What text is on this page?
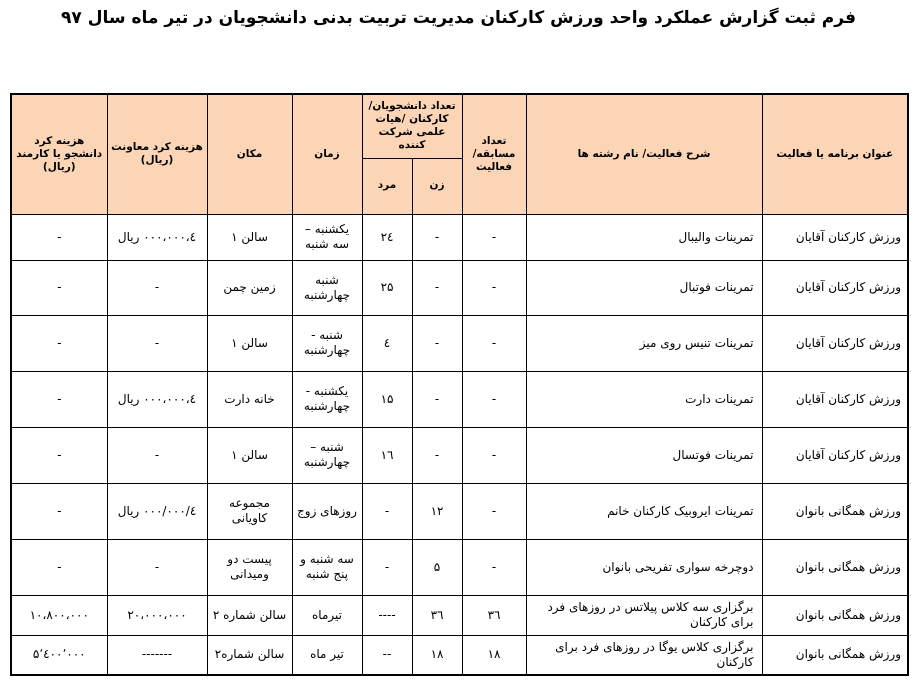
فرم ثبت گزارش عملکرد واحد ورزش کارکنان مدیریت تربیت بدنی دانشجویان در تیر ماه سال ۹۷
عنوان برنامه یا فعالیت	شرح فعالیت/ نام رشته ها	تعداد مسابقه/ فعالیت	تعداد دانشجویان/ کارکنان /هیات علمی شرکت کننده		زمان	مکان	هزینه کرد معاونت (ریال)	هزینه کرد دانشجو یا کارمند (ریال)
			زن	مرد				
ورزش کارکنان آقایان	تمرینات والیبال	-	-	۲٤	یکشنبه – سه شنبه	سالن ۱	٤،۰۰۰،۰۰۰ ریال	-
ورزش کارکنان آقایان	تمرینات فوتبال	-	-	۲۵	شنبه چهارشنبه	زمین چمن	-	-
ورزش کارکنان آقایان	تمرینات تنیس روی میز	-	-	٤	شنبه - چهارشنبه	سالن ۱	-	-
ورزش کارکنان آقایان	تمرینات دارت	-	-	۱۵	یکشنبه - چهارشنبه	خانه دارت	٤،۰۰۰،۰۰۰ ریال	-
ورزش کارکنان آقایان	تمرینات فوتسال	-	-	۱٦	شنبه – چهارشنبه	سالن ۱	-	-
ورزش همگانی بانوان	تمرینات ایروبیک کارکنان خانم	-	۱۲	-	روزهای زوج	مجموعه کاویانی	٤/۰۰۰/۰۰۰ ریال	-
ورزش همگانی بانوان	دوچرخه سواری تفریحی بانوان	-	۵	-	سه شنبه و پنج شنبه	پیست دو ومیدانی	-	-
ورزش همگانی بانوان	برگزاری سه کلاس پیلاتس در روزهای فرد برای کارکنان	۳٦	۳٦	----	تیرماه	سالن شماره ۲	۲۰،۰۰۰،۰۰۰	۱۰،۸۰۰،۰۰۰
ورزش همگانی بانوان	برگزاری کلاس یوگا در روزهای فرد برای کارکنان	۱۸	۱۸	--	تیر ماه	سالن شماره۲	-------	۵٬٤۰۰٬۰۰۰
